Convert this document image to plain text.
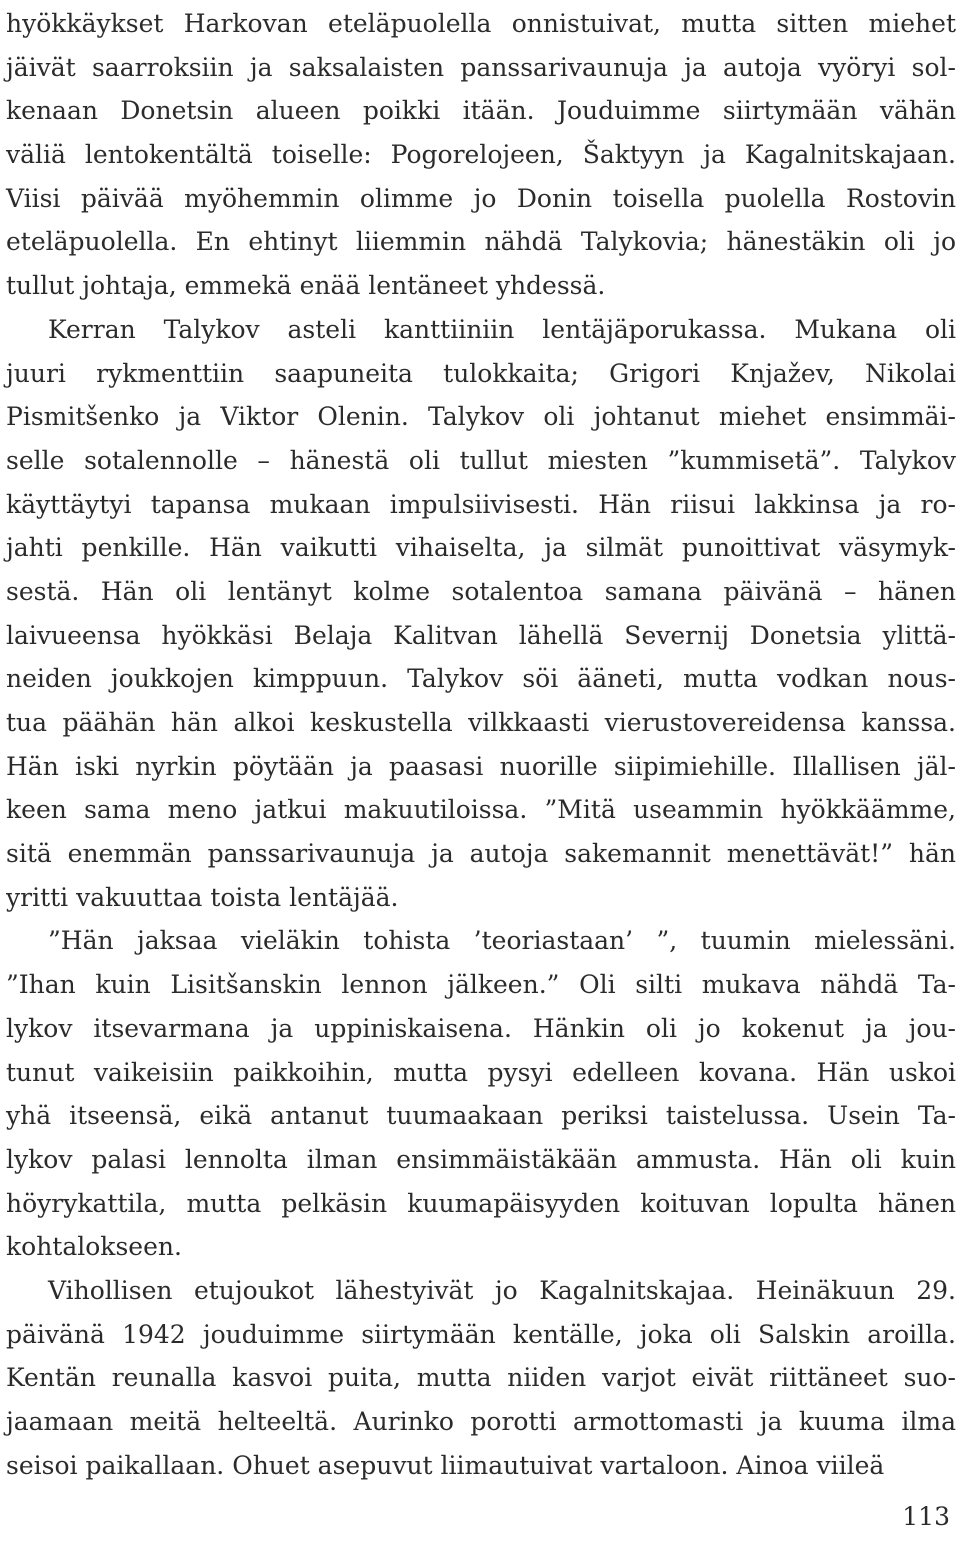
hyökkäykset Harkovan eteläpuolella onnistuivat, mutta sitten miehet
jäivät saarroksiin ja saksalaisten panssarivaunuja ja autoja vyöryi sol-
kenaan Donetsin alueen poikki itään. Jouduimme siirtymään vähän
väliä lentokentältä toiselle: Pogorelojeen, Šaktyyn ja Kagalnitskajaan.
Viisi päivää myöhemmin olimme jo Donin toisella puolella Rostovin
eteläpuolella. En ehtinyt liiemmin nähdä Talykovia; hänestäkin oli jo
tullut johtaja, emmekä enää lentäneet yhdessä.
Kerran Talykov asteli kanttiiniin lentäjäporukassa. Mukana oli
juuri rykmenttiin saapuneita tulokkaita; Grigori Knjažev, Nikolai
Pismitšenko ja Viktor Olenin. Talykov oli johtanut miehet ensimmäi-
selle sotalennolle – hänestä oli tullut miesten ”kummisetä”. Talykov
käyttäytyi tapansa mukaan impulsiivisesti. Hän riisui lakkinsa ja ro-
jahti penkille. Hän vaikutti vihaiselta, ja silmät punoittivat väsymyk-
sestä. Hän oli lentänyt kolme sotalentoa samana päivänä – hänen
laivueensa hyökkäsi Belaja Kalitvan lähellä Severnij Donetsia ylittä-
neiden joukkojen kimppuun. Talykov söi ääneti, mutta vodkan nous-
tua päähän hän alkoi keskustella vilkkaasti vierustovereidensa kanssa.
Hän iski nyrkin pöytään ja paasasi nuorille siipimiehille. Illallisen jäl-
keen sama meno jatkui makuutiloissa. ”Mitä useammin hyökkäämme,
sitä enemmän panssarivaunuja ja autoja sakemannit menettävät!” hän
yritti vakuuttaa toista lentäjää.
”Hän jaksaa vieläkin tohista ’teoriastaan’ ”, tuumin mielessäni.
”Ihan kuin Lisitšanskin lennon jälkeen.” Oli silti mukava nähdä Ta-
lykov itsevarmana ja uppiniskaisena. Hänkin oli jo kokenut ja jou-
tunut vaikeisiin paikkoihin, mutta pysyi edelleen kovana. Hän uskoi
yhä itseensä, eikä antanut tuumaakaan periksi taistelussa. Usein Ta-
lykov palasi lennolta ilman ensimmäistäkään ammusta. Hän oli kuin
höyrykattila, mutta pelkäsin kuumapäisyyden koituvan lopulta hänen
kohtalokseen.
Vihollisen etujoukot lähestyivät jo Kagalnitskajaa. Heinäkuun 29.
päivänä 1942 jouduimme siirtymään kentälle, joka oli Salskin aroilla.
Kentän reunalla kasvoi puita, mutta niiden varjot eivät riittäneet suo-
jaamaan meitä helteeltä. Aurinko porotti armottomasti ja kuuma ilma
seisoi paikallaan. Ohuet asepuvut liimautuivat vartaloon. Ainoa viileä
113
